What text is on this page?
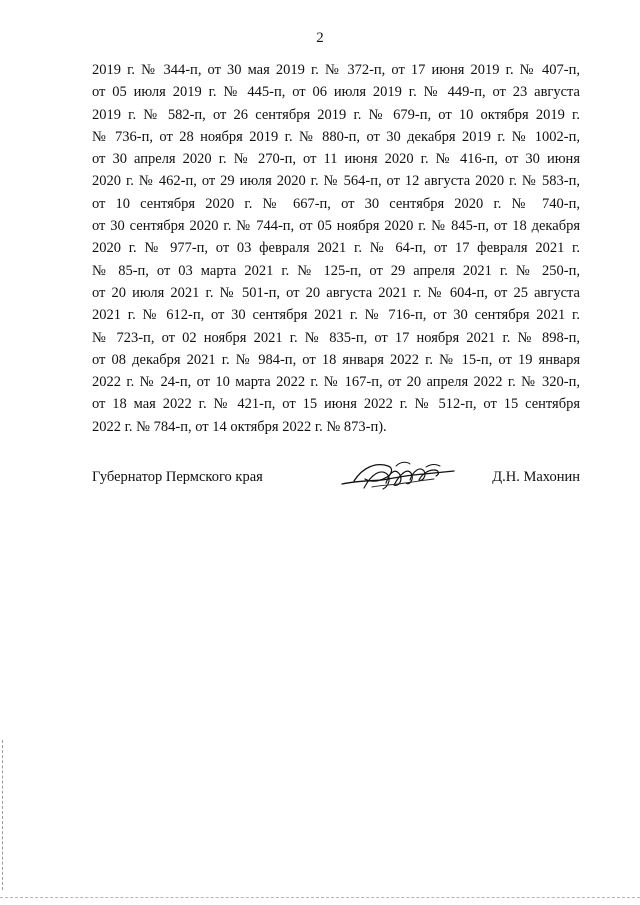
2
2019 г. № 344-п, от 30 мая 2019 г. № 372-п, от 17 июня 2019 г. № 407-п,
от 05 июля 2019 г. № 445-п, от 06 июля 2019 г. № 449-п, от 23 августа
2019 г. № 582-п, от 26 сентября 2019 г. № 679-п, от 10 октября 2019 г.
№ 736-п, от 28 ноября 2019 г. № 880-п, от 30 декабря 2019 г. № 1002-п,
от 30 апреля 2020 г. № 270-п, от 11 июня 2020 г. № 416-п, от 30 июня
2020 г. № 462-п, от 29 июля 2020 г. № 564-п, от 12 августа 2020 г. № 583-п,
от 10 сентября 2020 г. № 667-п, от 30 сентября 2020 г. № 740-п,
от 30 сентября 2020 г. № 744-п, от 05 ноября 2020 г. № 845-п, от 18 декабря
2020 г. № 977-п, от 03 февраля 2021 г. № 64-п, от 17 февраля 2021 г.
№ 85-п, от 03 марта 2021 г. № 125-п, от 29 апреля 2021 г. № 250-п,
от 20 июля 2021 г. № 501-п, от 20 августа 2021 г. № 604-п, от 25 августа
2021 г. № 612-п, от 30 сентября 2021 г. № 716-п, от 30 сентября 2021 г.
№ 723-п, от 02 ноября 2021 г. № 835-п, от 17 ноября 2021 г. № 898-п,
от 08 декабря 2021 г. № 984-п, от 18 января 2022 г. № 15-п, от 19 января
2022 г. № 24-п, от 10 марта 2022 г. № 167-п, от 20 апреля 2022 г. № 320-п,
от 18 мая 2022 г. № 421-п, от 15 июня 2022 г. № 512-п, от 15 сентября
2022 г. № 784-п, от 14 октября 2022 г. № 873-п).
Губернатор Пермского края	Д.Н. Махонин
